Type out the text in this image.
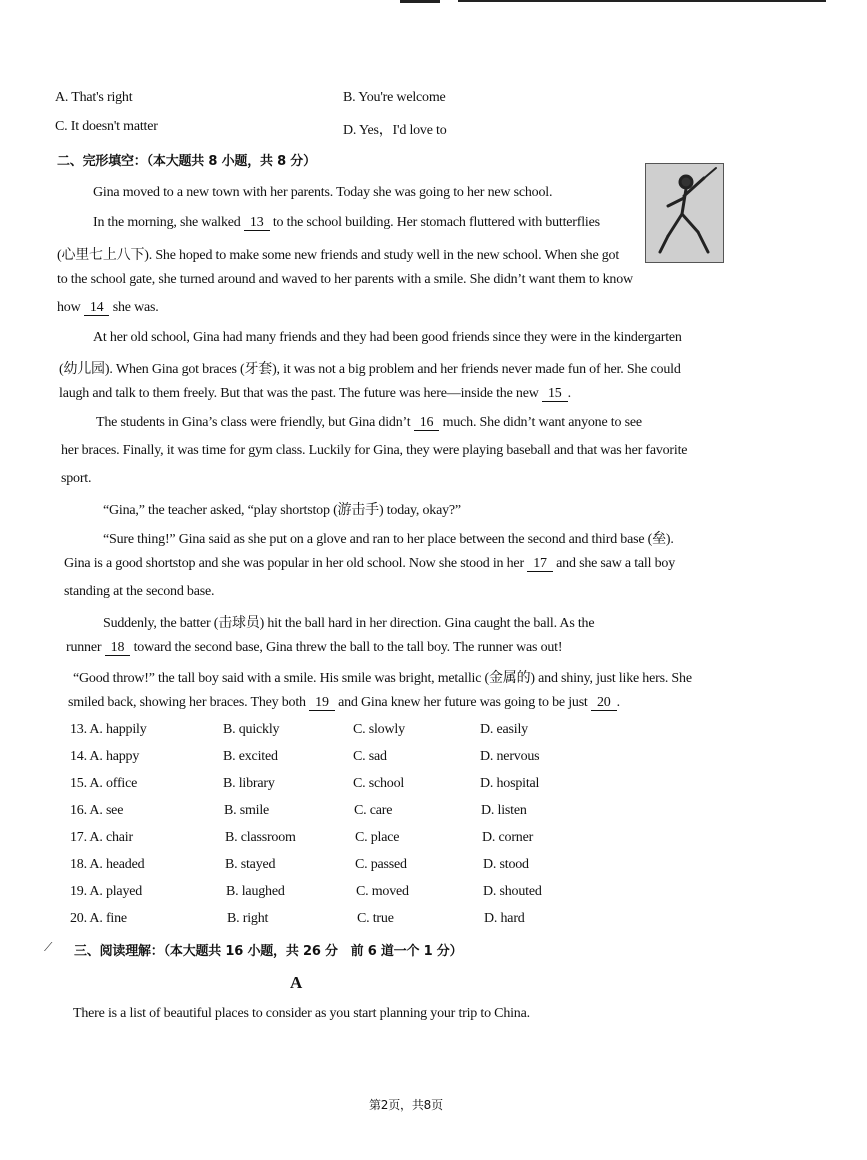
A. That's right	B. You're welcome
C. It doesn't matter	D. Yes，I'd love to
二、完形填空：（本大题共 8 小题，共 8 分）
Gina moved to a new town with her parents. Today she was going to her new school.
In the morning, she walked 13 to the school building. Her stomach fluttered with butterflies
(心里七上八下). She hoped to make some new friends and study well in the new school. When she got
to the school gate, she turned around and waved to her parents with a smile. She didn’t want them to know
how 14 she was.
At her old school, Gina had many friends and they had been good friends since they were in the kindergarten
(幼儿园). When Gina got braces (牙套), it was not a big problem and her friends never made fun of her. She could
laugh and talk to them freely. But that was the past. The future was here—inside the new 15 .
The students in Gina’s class were friendly, but Gina didn’t 16 much. She didn’t want anyone to see
her braces. Finally, it was time for gym class. Luckily for Gina, they were playing baseball and that was her favorite
sport.
“Gina,” the teacher asked, “play shortstop (游击手) today, okay?”
“Sure thing!” Gina said as she put on a glove and ran to her place between the second and third base (垒).
Gina is a good shortstop and she was popular in her old school. Now she stood in her 17 and she saw a tall boy
standing at the second base.
Suddenly, the batter (击球员) hit the ball hard in her direction. Gina caught the ball. As the
runner 18 toward the second base, Gina threw the ball to the tall boy. The runner was out!
“Good throw!” the tall boy said with a smile. His smile was bright, metallic (金属的) and shiny, just like hers. She
smiled back, showing her braces. They both 19 and Gina knew her future was going to be just 20 .
13. A. happily	B. quickly	C. slowly	D. easily
14. A. happy	B. excited	C. sad	D. nervous
15. A. office	B. library	C. school	D. hospital
16. A. see	B. smile	C. care	D. listen
17. A. chair	B. classroom	C. place	D. corner
18. A. headed	B. stayed	C. passed	D. stood
19. A. played	B. laughed	C. moved	D. shouted
20. A. fine	B. right	C. true	D. hard
⟋ 三、阅读理解：（本大题共 16 小题，共 26 分　前 6 道一个 1 分）
A
There is a list of beautiful places to consider as you start planning your trip to China.
第2页，共8页
